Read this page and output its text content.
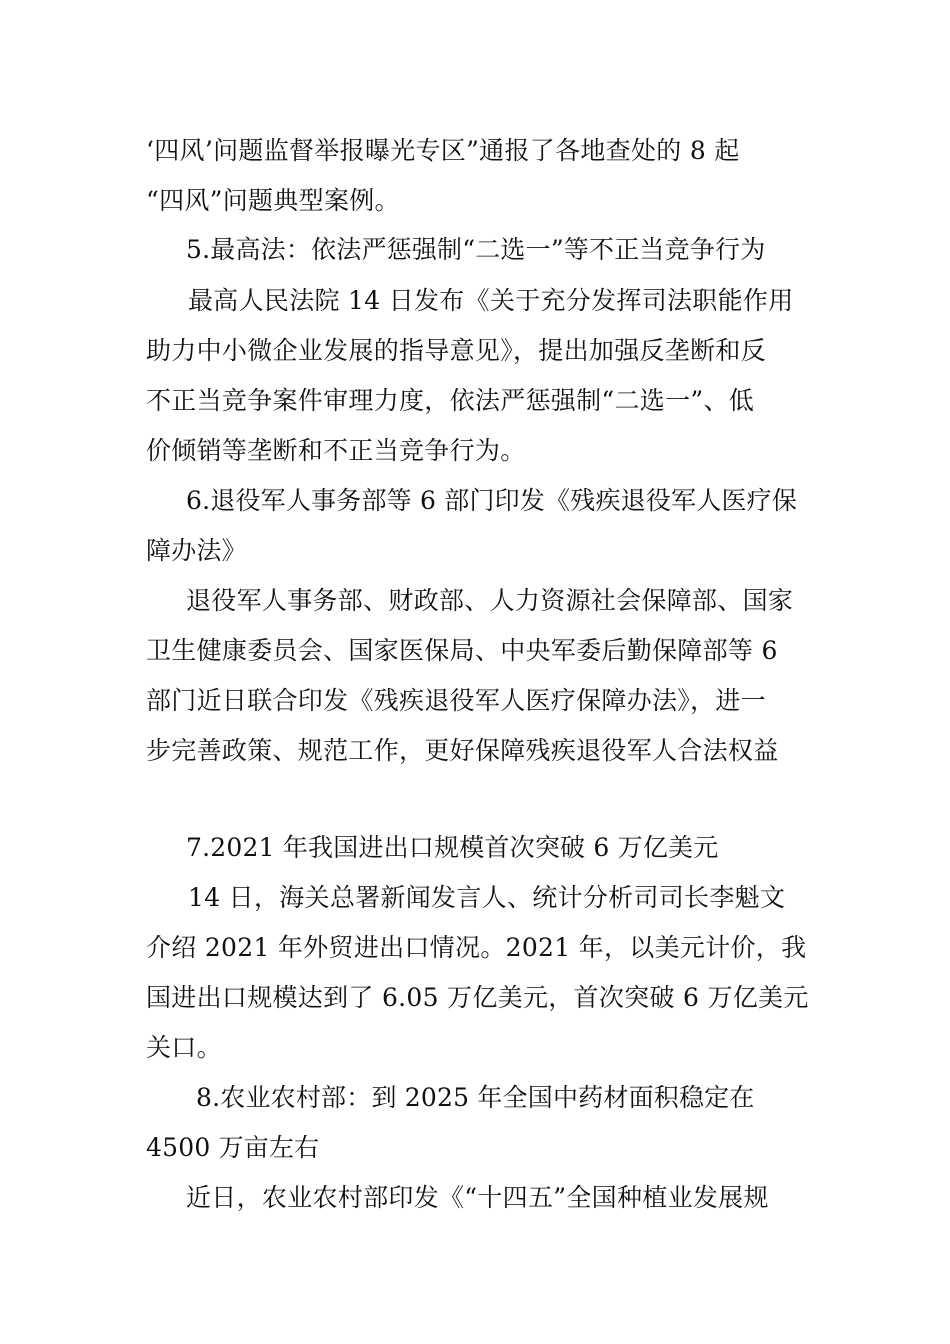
‘四风’问题监督举报曝光专区”通报了各地查处的 8 起
“四风”问题典型案例。
5.最高法：依法严惩强制“二选一”等不正当竞争行为
最高人民法院 14 日发布《关于充分发挥司法职能作用
助力中小微企业发展的指导意见》，提出加强反垄断和反
不正当竞争案件审理力度，依法严惩强制“二选一”、低
价倾销等垄断和不正当竞争行为。
6.退役军人事务部等 6 部门印发《残疾退役军人医疗保
障办法》
退役军人事务部、财政部、人力资源社会保障部、国家
卫生健康委员会、国家医保局、中央军委后勤保障部等 6
部门近日联合印发《残疾退役军人医疗保障办法》，进一
步完善政策、规范工作，更好保障残疾退役军人合法权益
7.2021 年我国进出口规模首次突破 6 万亿美元
14 日，海关总署新闻发言人、统计分析司司长李魁文
介绍 2021 年外贸进出口情况。2021 年，以美元计价，我
国进出口规模达到了 6.05 万亿美元，首次突破 6 万亿美元
关口。
8.农业农村部：到 2025 年全国中药材面积稳定在
4500 万亩左右
近日，农业农村部印发《“十四五”全国种植业发展规
